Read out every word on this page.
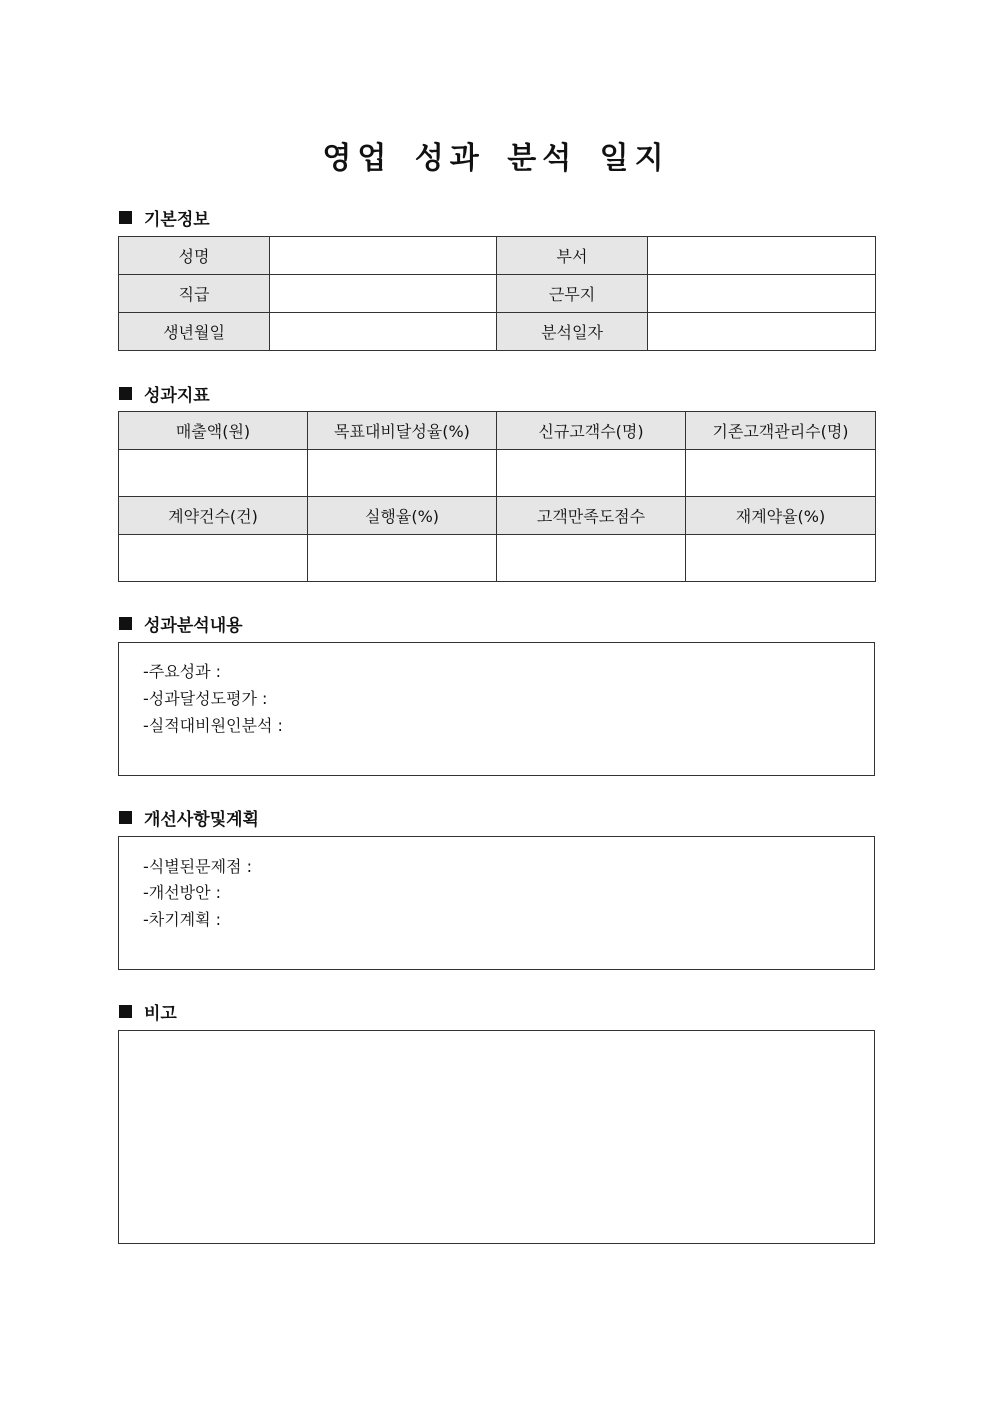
영업 성과 분석 일지
기본정보
성명		부서	
직급		근무지	
생년월일		분석일자	
성과지표
매출액(원)	목표대비달성율(%)	신규고객수(명)	기존고객관리수(명)

계약건수(건)	실행율(%)	고객만족도점수	재계약율(%)

성과분석내용
-주요성과 :
-성과달성도평가 :
-실적대비원인분석 :
개선사항및계획
-식별된문제점 :
-개선방안 :
-차기계획 :
비고
